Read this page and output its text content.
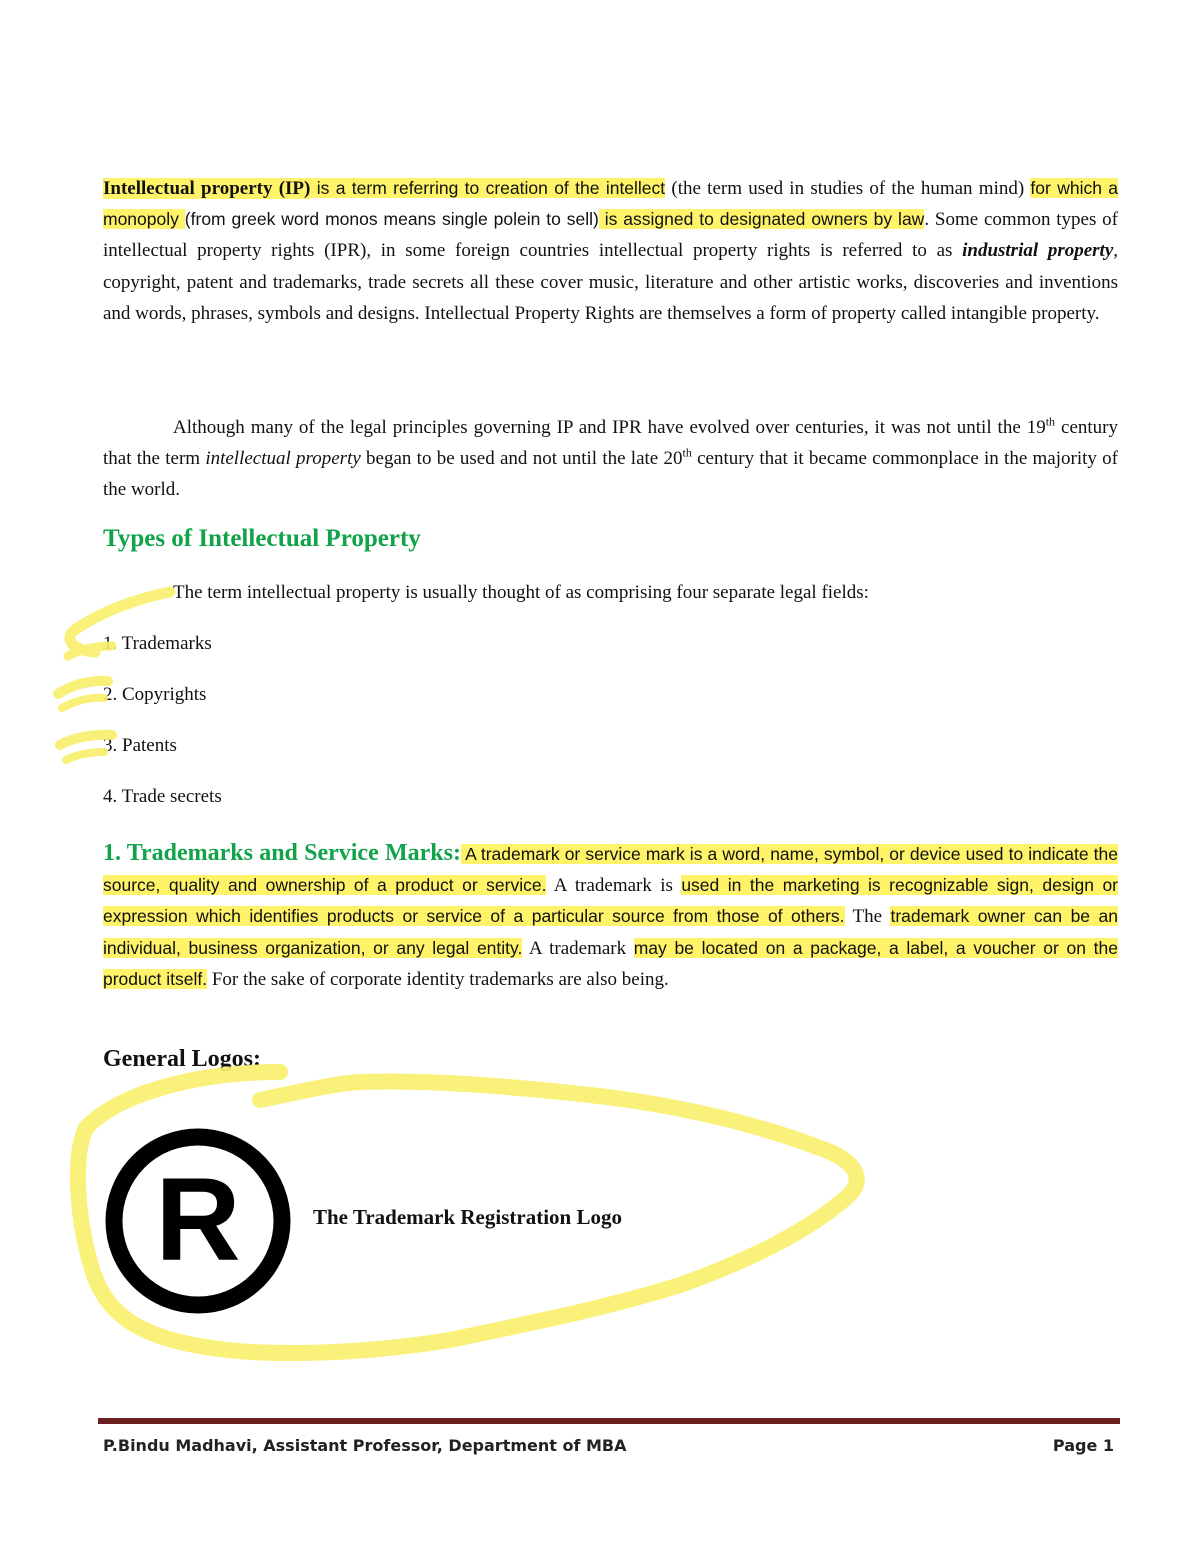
Intellectual property (IP) is a term referring to creation of the intellect (the term used in studies of the human mind) for which a monopoly (from greek word monos means single polein to sell) is assigned to designated owners by law. Some common types of intellectual property rights (IPR), in some foreign countries intellectual property rights is referred to as industrial property, copyright, patent and trademarks, trade secrets all these cover music, literature and other artistic works, discoveries and inventions and words, phrases, symbols and designs. Intellectual Property Rights are themselves a form of property called intangible property.

Although many of the legal principles governing IP and IPR have evolved over centuries, it was not until the 19th century that the term intellectual property began to be used and not until the late 20th century that it became commonplace in the majority of the world.

Types of Intellectual Property

The term intellectual property is usually thought of as comprising four separate legal fields:

1. Trademarks

2. Copyrights

3. Patents

4. Trade secrets

1. Trademarks and Service Marks: A trademark or service mark is a word, name, symbol, or device used to indicate the source, quality and ownership of a product or service. A trademark is used in the marketing is recognizable sign, design or expression which identifies products or service of a particular source from those of others. The trademark owner can be an individual, business organization, or any legal entity. A trademark may be located on a package, a label, a voucher or on the product itself. For the sake of corporate identity trademarks are also being.

General Logos:
R	The Trademark Registration Logo

P.Bindu Madhavi, Assistant Professor, Department of MBA	Page 1
